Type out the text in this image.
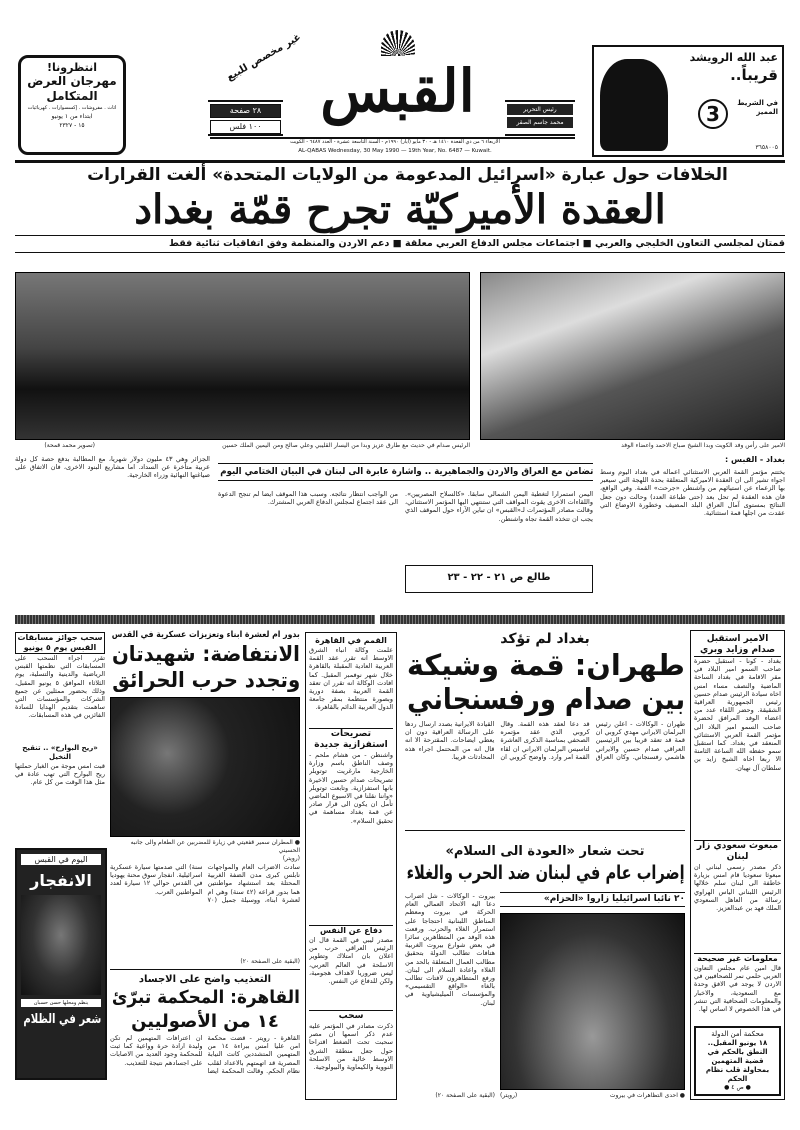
انتظرونا!
مهرجان العرض
المتكامل
اثاث . مفروشات . إكسسوارات . كهربائيات
ابتداء من ١ يونيو
١٥ - ٢٣٢٧
غير مخصص للبيع
٢٨ صفحة
١٠٠ فلس
القبس	رئيس التحرير
محمد جاسم الصقر
عبد الله الرويشد
قريباً..
3	في الشريط المميز
٣٦٥٨٠٠٥
الاربعاء ٦ من ذي القعدة ١٤١٠ هـ - ٣٠ مايو (ايار) ١٩٩٠م - السنة التاسعة عشرة - العدد ٦٤٨٧ - الكويت
AL-QABAS Wednesday, 30 May 1990 — 19th Year, No. 6487 — Kuwait.
الخلافات حول عبارة «اسرائيل المدعومة من الولايات المتحدة» ألغت القرارات
العقدة الأميركيّة تجرح قمّة بغداد
قمتان لمجلسي التعاون الخليجي والعربي ■ اجتماعات مجلس الدفاع العربي معلقة ■ دعم الاردن والمنظمة وفق اتفاقيات ثنائية فقط
(تصوير محمد قمحة)	الرئيس صدام في حديث مع طارق عزيز وبدا من اليسار القليبي وعلي صالح ومن اليمين الملك حسين	الامير على رأس وفد الكويت وبدا الشيخ صباح الاحمد واعضاء الوفد
بغداد - القبس :
يختتم مؤتمر القمة العربي الاستثنائي اعماله في بغداد اليوم وسط اجواء تشير الى ان العقدة الاميركية المتعلقة بحدة اللهجة التي سيعبر بها الزعماء عن استيائهم من واشنطن «جرحت» القمة. وفي الواقع، فان هذه العقدة لم تحل بعد (حتى طباعة العدد) وحالت دون جعل النتائج بمستوى آمال العراق البلد المضيف وخطورة الاوضاع التي عقدت من اجلها قمة استثنائية.
تضامن مع العراق والاردن والجماهيرية .. واشارة عابرة الى لبنان في البيان الختامي اليوم
اليمن استمرارا لتغطية اليمن الشمالي سابقا. «كالسلاح المصريين». واللقاءات الاخرى يقوت المواقف التي ستنتهي اليها المؤتمر الاستثنائي، وقالت مصادر المؤتمرات لـ«القبس» ان تباين الآراء حول الموقف الذي يجب ان تتخذه القمة تجاه واشنطن.
من الواجب انتظار نتائجه. وسبب هذا الموقف ايضا لم تنجح الدعوة الى عقد اجتماع لمجلس الدفاع العربي المشترك.
الجزائر وهي ٤٣ مليون دولار شهريا، مع المطالبة بدفع حصة كل دولة عربية متأخرة عن السداد. اما مشاريع البنود الاخرى، فان الاتفاق على صياغتها النهائية وزراء الخارجية.
طالع ص ٢١ - ٢٢ - ٢٣
الامير استقبل صدام وزايد وبري
بغداد - كونا - استقبل حضرة صاحب السمو امير البلاد في مقر الاقامة في بغداد الساحة الماضية والنصف مساء امس اخاه سيادة الرئيس صدام حسين رئيس الجمهورية العراقية الشقيقة. وحضر اللقاء عدد من اعضاء الوفد المرافق لحضرة صاحب السمو امير البلاد الى مؤتمر القمة العربي الاستثنائي المنعقد في بغداد. كما استقبل سمو حفظه الله الساعة الثامنة الا ربعا اخاه الشيخ زايد بن سلطان آل نهيان.
مبعوث سعودي زار لبنان
ذكر مصدر رسمي لبناني ان مبعوثا سعوديا قام امس بزيارة خاطفة الى لبنان سلم خلالها الرئيس اللبناني الياس الهراوي رسالة من العاهل السعودي الملك فهد بن عبدالعزيز.
معلومات غير صحيحة
قال امين عام مجلس التعاون العربي حلمي نمر للصحافيين في الاردن لا يوجد في الافق وحدة مع السعودية، والاخبار والمعلومات الصحافية التي تنشر في هذا الخصوص لا اساس لها.
محكمة أمن الدولة
١٨ يونيو المقبل.. النطق بالحكم في قضية المتهمين بمحاولة قلب نظام الحكم
● ص ٤ ●
بغداد لم تؤكد
طهران: قمة وشيكة
بين صدام ورفسنجاني
طهران - الوكالات - اعلن رئيس البرلمان الايراني مهدي كروبي ان قمة قد تعقد قريبا بين الرئيسين العراقي صدام حسين والايراني هاشمي رفسنجاني. وكان العراق قد دعا لعقد هذه القمة. وقال كروبي الذي عقد مؤتمره الصحفي بمناسبة الذكرى العاشرة لتاسيس البرلمان الايراني ان لقاء القمة امر وارد. واوضح كروبي ان القيادة الايرانية بصدد ارسال ردها على الرسالة العراقية دون ان يعطي ايضاحات. المقترحة الا انه قال انه من المحتمل اجراء هذه المحادثات قريبا.
تحت شعار «العودة الى السلام»
إضراب عام في لبنان ضد الحرب والغلاء
٢٠ نائبا اسرائيليا زاروا «الحزام»
● احدى التظاهرات في بيروت
(رويتر)
بيروت - الوكالات - شل اضراب دعا اليه الاتحاد العمالي العام الحركة في بيروت ومعظم المناطق اللبنانية احتجاجا على استمرار الغلاء والحرب. ورفعت هذه الوفد من المتظاهرين سائرا في بعض شوارع بيروت الغربية هتافات تطالب الدولة بتحقيق مطالب العمال المتعلقة بالحد من الغلاء واعادة السلام الى لبنان. ورفع المتظاهرون لافتات تطالب بالغاء «الواقع التقسيمي» والمؤسسات الميليشياوية في لبنان.
(البقية على الصفحة ٢٠)
القمم في القاهرة
علمت وكالة انباء الشرق الاوسط انه تقرر عقد القمة العربية العادية المقبلة بالقاهرة خلال شهر نوفمبر المقبل. كما افادت الوكالة انه تقرر ان تعقد القمة العربية بصفة دورية وبصورة منتظمة بمقر جامعة الدول العربية الدائم بالقاهرة.
تصريحات استفزازية جديدة
واشنطن - من هشام ملحم - وصف الناطق باسم وزارة الخارجية مارغريت توتويلر تصريحات صدام حسين الاخيرة بانها استفزازية. وتابعت توتويلر «واننا نقلنا في الاسبوع الماضي تأمل ان يكون الى قرار صادر عن قمة بغداد مساهمة في تحقيق السلام».
دفاع عن النفس
مصدر ليبي في القمة قال ان الرئيس العراقي حرب من اعلان بان امتلاك وتطوير الاسلحة في العالم العربي، ليس ضروريا لاهداف هجومية، ولكن للدفاع عن النفس.
سحب
ذكرت مصادر في المؤتمر عليه عدم ذكر اسمها ان مصر سحبت تحت الضغط اقتراحا حول جعل منطقة الشرق الاوسط خالية من الاسلحة النووية والكيماوية والبيولوجية.
بدور ام لعشرة ابناء وتعزيزات عسكرية في القدس
الانتفاضة: شهيدتان
وتجدد حرب الحرائق
● المطران سمير قفعيتي في زيارة للمضربين عن الطعام والى جانبه الحسيني
(رويتر)
سادت الاضراب العام والمواجهات نابلس كبرى مدن الضفة الغربية المحتلة بعد استشهاد مواطنتين هما بدور قراعه (٤٢ سنة) وهي ام لعشرة ابناء، ووسيلة جميل (٧٠ سنة) التي صدمتها سيارة عسكرية اسرائيلية. انفجار سوق محنة يهوديا في القدس حوالي ١٢ سيارة لعدد المواطنين العرب.
(البقية على الصفحة ٢٠)
التعذيب واضح على الاجساد
القاهرة: المحكمة تبرّئ
١٤ من الأصوليين
القاهرة - رويتر - قضت محكمة امن عليا امس ببراءة ١٤ من المتهمين المتشددين كانت النيابة المصرية قد اتهمتهم بالاعداد لقلب نظام الحكم. وقالت المحكمة ايضا ان اعترافات المتهمين لم تكن وليدة ارادة حرة وواعية كما ثبت للمحكمة وجود العديد من الاصابات على اجسادهم نتيجة للتعذيب.
سحب جوائز مسابقات القبس يوم ٥ يونيو
تقرر اجراء السحب على المسابقات التي نظمتها القبس الرياضية والدينية والتسلية، يوم الثلاثاء الموافق ٥ يونيو المقبل، وذلك بحضور ممثلين عن جميع الشركات والمؤسسات التي ساهمت بتقديم الهدايا للسادة الفائزين في هذه المسابقات.
«ريح البوارح» .. تنقيح النخيل
قبت امس موجة من الغبار حملتها ريح البوارح التي تهب عادة في مثل هذا الوقت من كل عام.
اليوم في القبس
الانفجار
ينظم ومحلها حسن حسبان
شعر في الظلام
